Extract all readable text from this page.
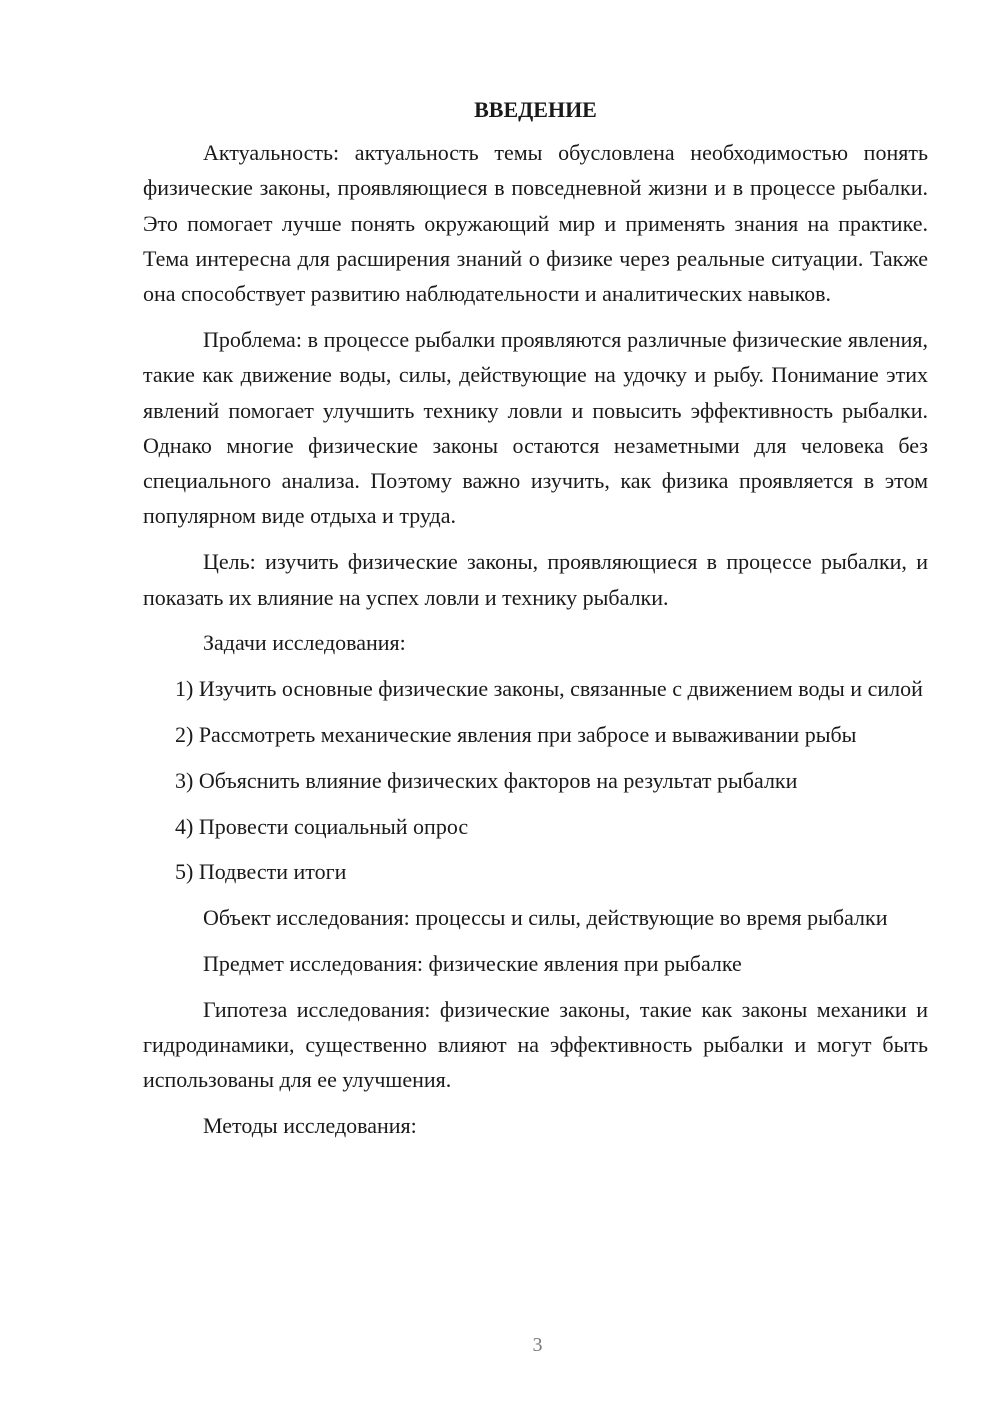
ВВЕДЕНИЕ

Актуальность: актуальность темы обусловлена необходимостью понять физические законы, проявляющиеся в повседневной жизни и в процессе рыбалки. Это помогает лучше понять окружающий мир и применять знания на практике. Тема интересна для расширения знаний о физике через реальные ситуации. Также она способствует развитию наблюдательности и аналитических навыков.

Проблема: в процессе рыбалки проявляются различные физические явления, такие как движение воды, силы, действующие на удочку и рыбу. Понимание этих явлений помогает улучшить технику ловли и повысить эффективность рыбалки. Однако многие физические законы остаются незаметными для человека без специального анализа. Поэтому важно изучить, как физика проявляется в этом популярном виде отдыха и труда.

Цель: изучить физические законы, проявляющиеся в процессе рыбалки, и показать их влияние на успех ловли и технику рыбалки.

Задачи исследования:

1) Изучить основные физические законы, связанные с движением воды и силой

2) Рассмотреть механические явления при забросе и вываживании рыбы

3) Объяснить влияние физических факторов на результат рыбалки

4) Провести социальный опрос

5) Подвести итоги

Объект исследования: процессы и силы, действующие во время рыбалки

Предмет исследования: физические явления при рыбалке

Гипотеза исследования: физические законы, такие как законы механики и гидродинамики, существенно влияют на эффективность рыбалки и могут быть использованы для ее улучшения.

Методы исследования:

3
